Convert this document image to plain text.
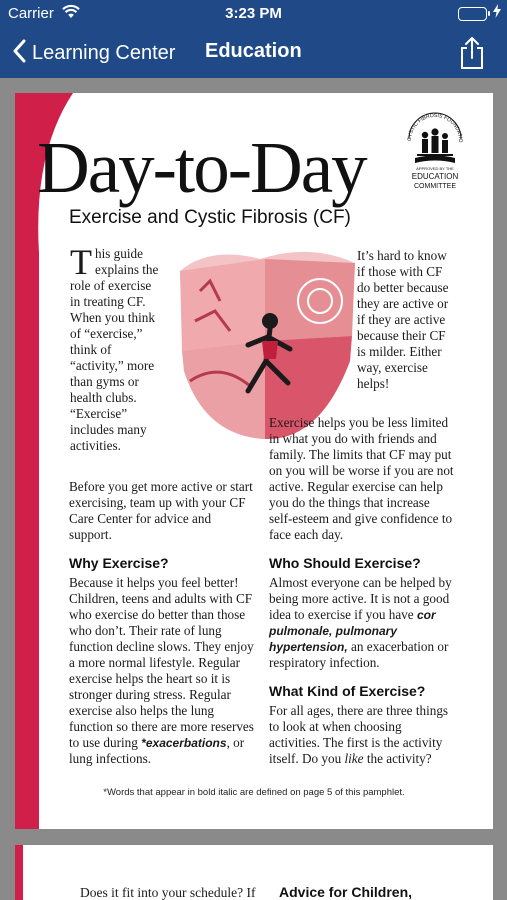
Carrier	3:23 PM
Learning Center Education
CYSTIC FIBROSIS FOUNDATIO
APPROVED BY THE
EDUCATION
COMMITTEE
Day-to-Day
Exercise and Cystic Fibrosis (CF)
This guide explains the role of exercise in treating CF. When you think of “exercise,” think of “activity,” more than gyms or health clubs. “Exercise” includes many activities.
It’s hard to know if those with CF do better because they are active or if they are active because their CF is milder. Either way, exercise helps!

Before you get more active or start exercising, team up with your CF Care Center for advice and support.

Why Exercise?

Because it helps you feel better! Children, teens and adults with CF who exercise do better than those who don’t. Their rate of lung function decline slows. They enjoy a more normal lifestyle. Regular exercise helps the heart so it is stronger during stress. Regular exercise also helps the lung function so there are more reserves to use during *exacerbations, or lung infections.

Exercise helps you be less limited in what you do with friends and family. The limits that CF may put on you will be worse if you are not active. Regular exercise can help you do the things that increase self-esteem and give confidence to face each day.

Who Should Exercise?

Almost everyone can be helped by being more active. It is not a good idea to exercise if you have cor pulmonale, pulmonary hypertension, an exacerbation or respiratory infection.

What Kind of Exercise?

For all ages, there are three things to look at when choosing activities. The first is the activity itself. Do you like the activity?

*Words that appear in bold italic are defined on page 5 of this pamphlet.
Does it fit into your schedule? If Advice for Children,
